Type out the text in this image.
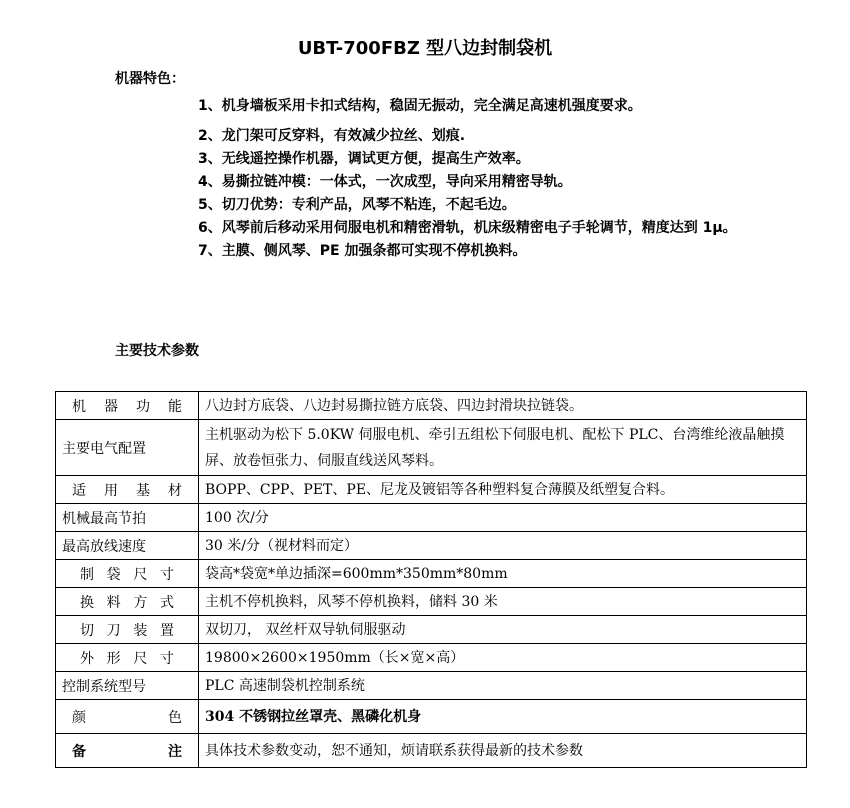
UBT-700FBZ 型八边封制袋机
机器特色：
1、机身墙板采用卡扣式结构，稳固无振动，完全满足高速机强度要求。
2、龙门架可反穿料，有效减少拉丝、划痕.
3、无线遥控操作机器，调试更方便，提高生产效率。
4、易撕拉链冲模：一体式，一次成型，导向采用精密导轨。
5、切刀优势：专利产品，风琴不粘连，不起毛边。
6、风琴前后移动采用伺服电机和精密滑轨，机床级精密电子手轮调节，精度达到 1μ。
7、主膜、侧风琴、PE 加强条都可实现不停机换料。
主要技术参数
机 器 功 能	八边封方底袋、八边封易撕拉链方底袋、四边封滑块拉链袋。
主要电气配置	主机驱动为松下 5.0KW 伺服电机、牵引五组松下伺服电机、配松下 PLC、台湾维纶液晶触摸屏、放卷恒张力、伺服直线送风琴料。

适 用 基 材	BOPP、CPP、PET、PE、尼龙及镀铝等各种塑料复合薄膜及纸塑复合料。
机械最高节拍	100 次/分
最高放线速度	30 米/分（视材料而定）

制 袋 尺 寸	袋高*袋宽*单边插深=600mm*350mm*80mm

换 料 方 式	主机不停机换料，风琴不停机换料，储料 30 米

切 刀 装 置	双切刀， 双丝杆双导轨伺服驱动

外 形 尺 寸	19800×2600×1950mm（长×宽×高）
控制系统型号	PLC 高速制袋机控制系统

颜 色	304 不锈钢拉丝罩壳、黑磷化机身

备 注	具体技术参数变动，恕不通知，烦请联系获得最新的技术参数
